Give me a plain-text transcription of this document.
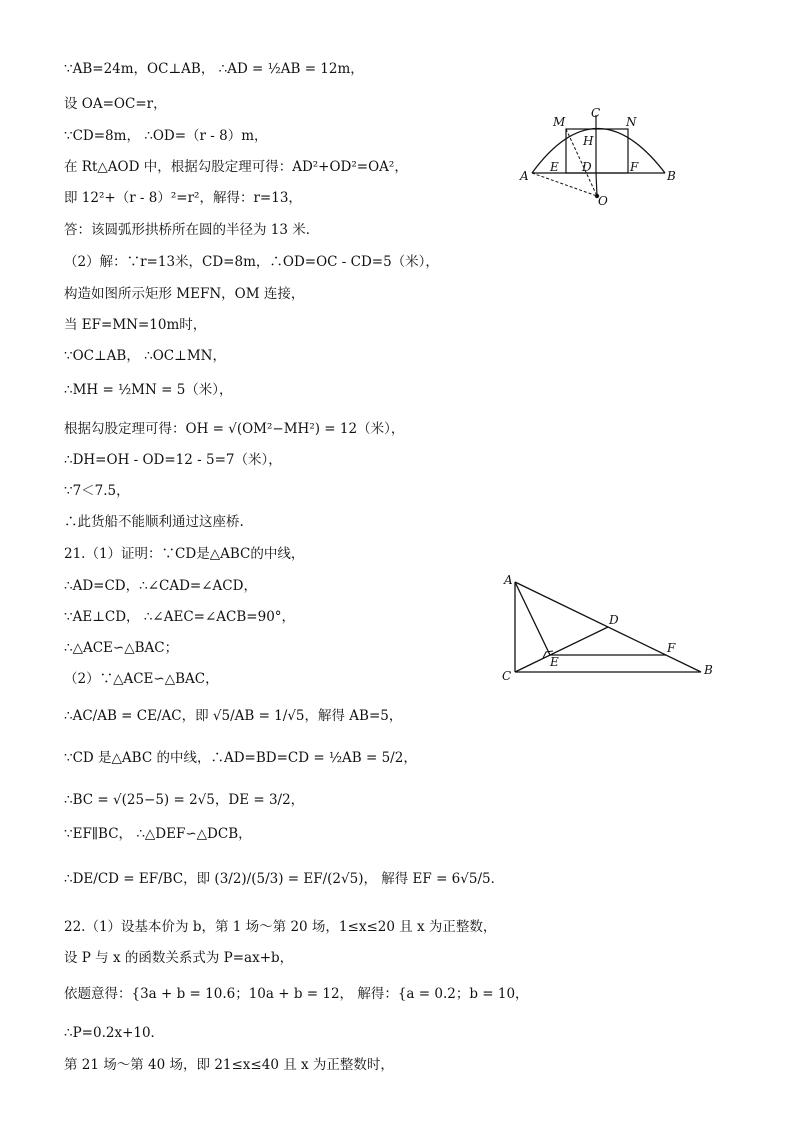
∵AB=24m，OC⊥AB， ∴AD = ½AB = 12m，
设 OA=OC=r，
∵CD=8m， ∴OD=（r - 8）m，
在 Rt△AOD 中，根据勾股定理可得：AD²+OD²=OA²，
即 12²+（r - 8）²=r²，解得：r=13，
答：该圆弧形拱桥所在圆的半径为 13 米．
（2）解：∵r=13米，CD=8m，∴OD=OC - CD=5（米），
构造如图所示矩形 MEFN，OM 连接，
当 EF=MN=10m时，
∵OC⊥AB， ∴OC⊥MN，
∴MH = ½MN = 5（米），
根据勾股定理可得：OH = √(OM²−MH²) = 12（米），
∴DH=OH - OD=12 - 5=7（米），
∵7＜7.5，
∴此货船不能顺利通过这座桥.
21.（1）证明：∵CD是△ABC的中线，
∴AD=CD，∴∠CAD=∠ACD，
∵AE⊥CD， ∴∠AEC=∠ACB=90°，
∴△ACE∽△BAC；
（2）∵△ACE∽△BAC，
∴AC/AB = CE/AC，即 √5/AB = 1/√5，解得 AB=5，
∵CD 是△ABC 的中线，∴AD=BD=CD = ½AB = 5/2，
∴BC = √(25−5) = 2√5，DE = 3/2，
∵EF∥BC， ∴△DEF∽△DCB，
∴DE/CD = EF/BC，即 (3/2)/(5/3) = EF/(2√5)， 解得 EF = 6√5/5．
22.（1）设基本价为 b，第 1 场～第 20 场，1≤x≤20 且 x 为正整数，
设 P 与 x 的函数关系式为 P=ax+b，
依题意得：{3a + b = 10.6；10a + b = 12， 解得：{a = 0.2；b = 10，
∴P=0.2x+10．
第 21 场～第 40 场，即 21≤x≤40 且 x 为正整数时，
A	B
C
M	N
H
E D	F
O
A
C	B
D
E
F
